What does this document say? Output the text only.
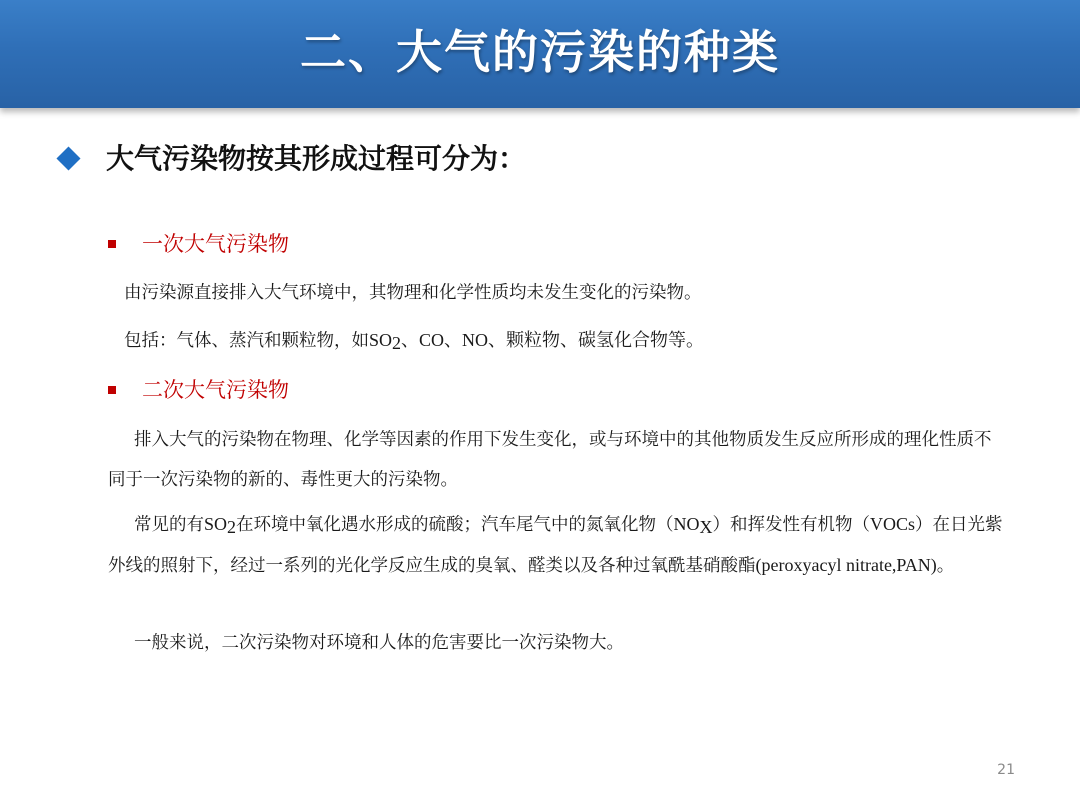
二、大气的污染的种类
大气污染物按其形成过程可分为：
一次大气污染物

由污染源直接排入大气环境中，其物理和化学性质均未发生变化的污染物。

包括：气体、蒸汽和颗粒物，如$SO_2$、CO、NO、颗粒物、碳氢化合物等。

二次大气污染物

排入大气的污染物在物理、化学等因素的作用下发生变化，或与环境中的其他物质发生反应所形成的理化性质不同于一次污染物的新的、毒性更大的污染物。

常见的有$SO_2$在环境中氧化遇水形成的硫酸；汽车尾气中的氮氧化物$(NO_X)$和挥发性有机物（VOCs）在日光紫外线的照射下，经过一系列的光化学反应生成的臭氧、醛类以及各种过氧酰基硝酸酯(peroxyacyl nitrate,PAN)。

一般来说，二次污染物对环境和人体的危害要比一次污染物大。

21
